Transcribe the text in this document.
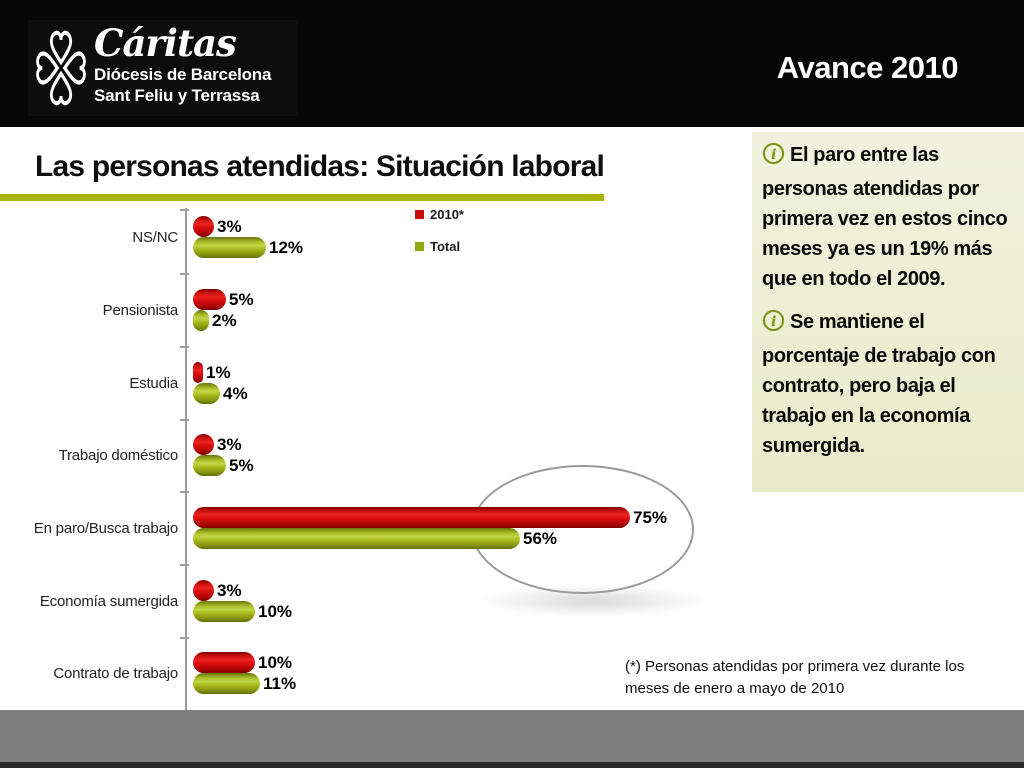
Cáritas
Diócesis de Barcelona
Sant Feliu y Terrassa
Avance 2010
Las personas atendidas: Situación laboral
2010*
Total
NS/NC
3%
12%
Pensionista
5%
2%
Estudia
1%
4%
Trabajo doméstico
3%
5%
En paro/Busca trabajo
75%
56%
Economía sumergida
3%
10%
Contrato de trabajo
10%
11%

i El paro entre las personas atendidas por primera vez en estos cinco meses ya es un 19% más que en todo el 2009.

i Se mantiene el porcentaje de trabajo con contrato, pero baja el trabajo en la economía sumergida.

(*) Personas atendidas por primera vez durante los meses de enero a mayo de 2010
